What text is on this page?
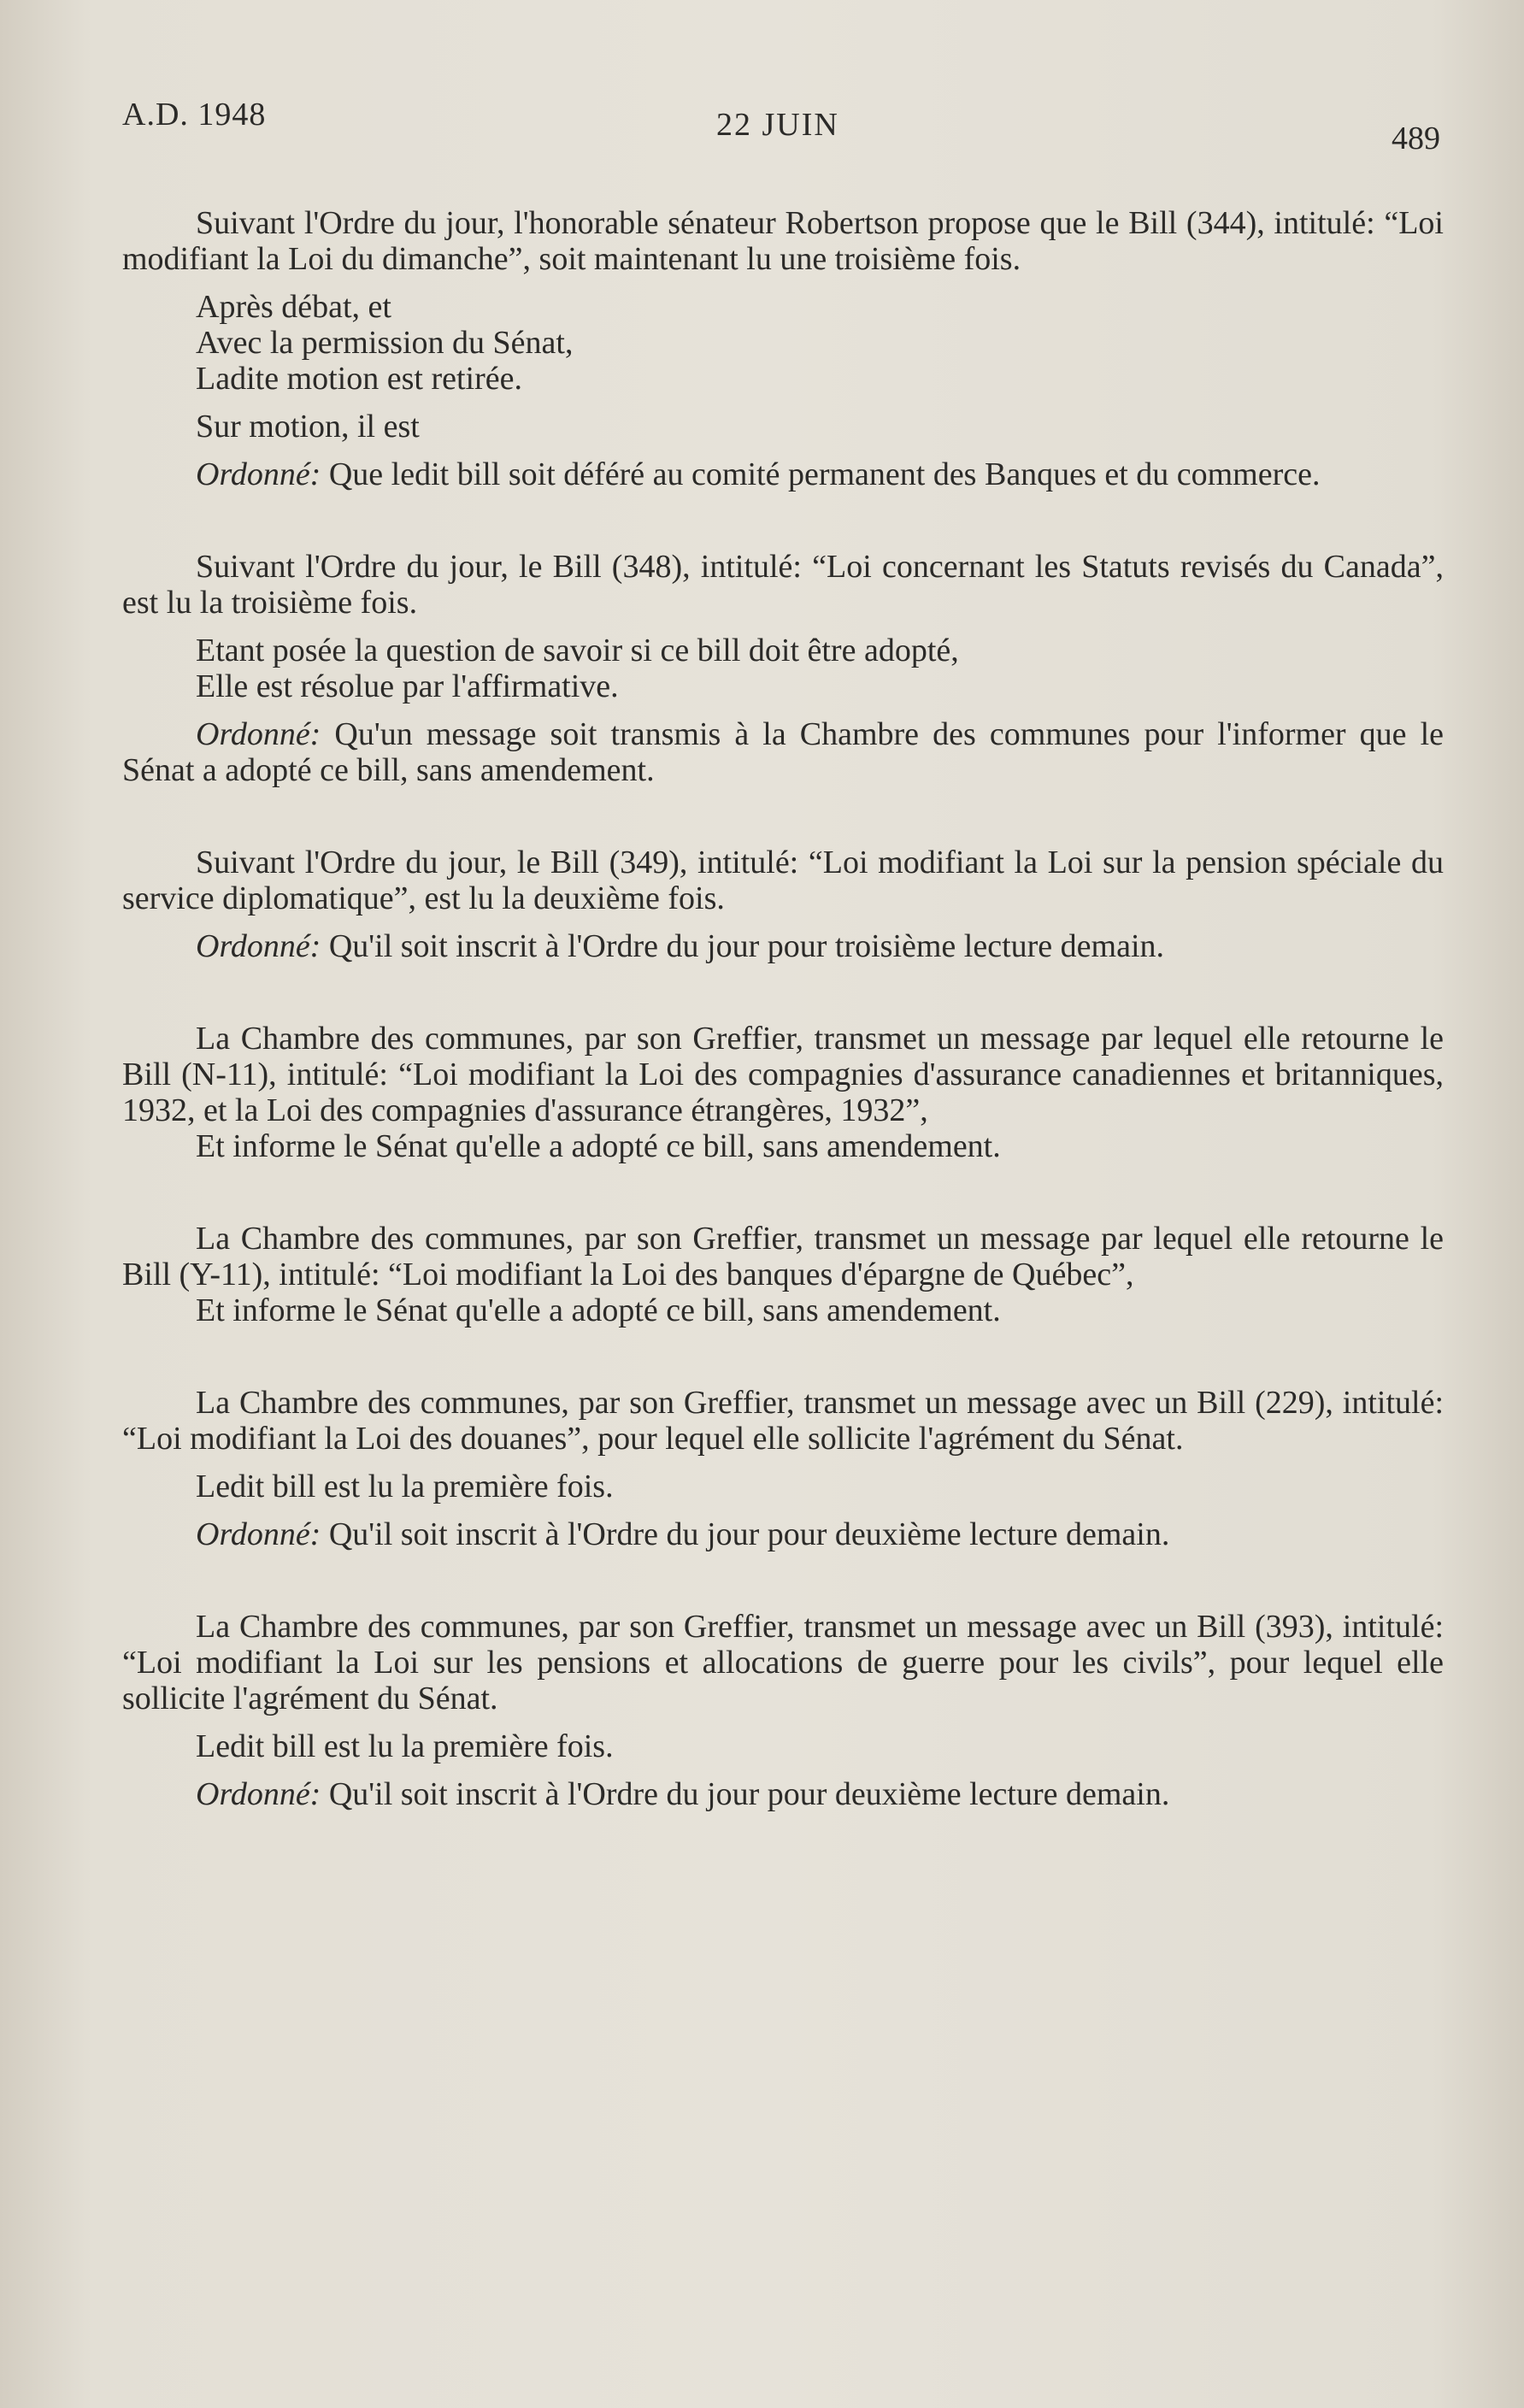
A.D. 1948	22 JUIN	489

Suivant l'Ordre du jour, l'honorable sénateur Robertson propose que le Bill (344), intitulé: “Loi modifiant la Loi du dimanche”, soit maintenant lu une troisième fois.

Après débat, et

Avec la permission du Sénat,

Ladite motion est retirée.

Sur motion, il est

Ordonné: Que ledit bill soit déféré au comité permanent des Banques et du commerce.

Suivant l'Ordre du jour, le Bill (348), intitulé: “Loi concernant les Statuts revisés du Canada”, est lu la troisième fois.

Etant posée la question de savoir si ce bill doit être adopté,

Elle est résolue par l'affirmative.

Ordonné: Qu'un message soit transmis à la Chambre des communes pour l'informer que le Sénat a adopté ce bill, sans amendement.

Suivant l'Ordre du jour, le Bill (349), intitulé: “Loi modifiant la Loi sur la pension spéciale du service diplomatique”, est lu la deuxième fois.

Ordonné: Qu'il soit inscrit à l'Ordre du jour pour troisième lecture demain.

La Chambre des communes, par son Greffier, transmet un message par lequel elle retourne le Bill (N-11), intitulé: “Loi modifiant la Loi des compagnies d'assurance canadiennes et britanniques, 1932, et la Loi des compagnies d'assurance étrangères, 1932”,

Et informe le Sénat qu'elle a adopté ce bill, sans amendement.

La Chambre des communes, par son Greffier, transmet un message par lequel elle retourne le Bill (Y-11), intitulé: “Loi modifiant la Loi des banques d'épargne de Québec”,

Et informe le Sénat qu'elle a adopté ce bill, sans amendement.

La Chambre des communes, par son Greffier, transmet un message avec un Bill (229), intitulé: “Loi modifiant la Loi des douanes”, pour lequel elle sollicite l'agrément du Sénat.

Ledit bill est lu la première fois.

Ordonné: Qu'il soit inscrit à l'Ordre du jour pour deuxième lecture demain.

La Chambre des communes, par son Greffier, transmet un message avec un Bill (393), intitulé: “Loi modifiant la Loi sur les pensions et allocations de guerre pour les civils”, pour lequel elle sollicite l'agrément du Sénat.

Ledit bill est lu la première fois.

Ordonné: Qu'il soit inscrit à l'Ordre du jour pour deuxième lecture demain.
